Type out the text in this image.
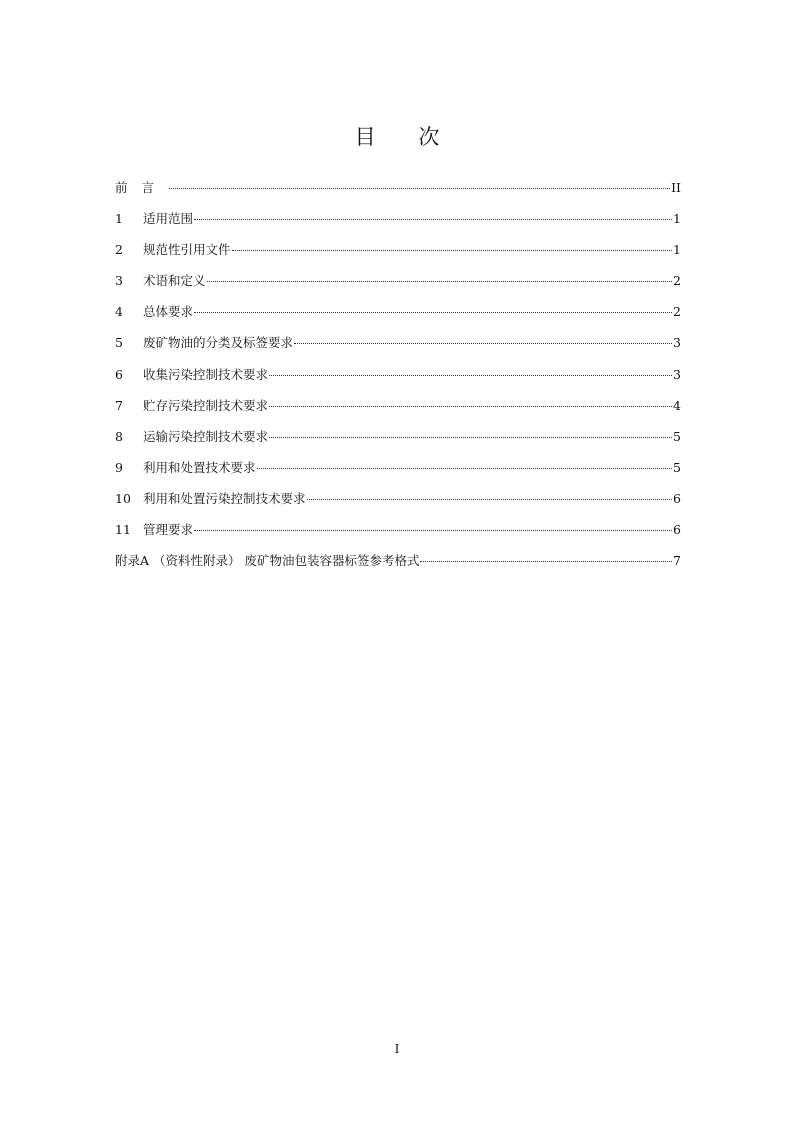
目 次
前言	II
1	适用范围	1
2	规范性引用文件	1
3	术语和定义	2
4	总体要求	2
5	废矿物油的分类及标签要求	3
6	收集污染控制技术要求	3
7	贮存污染控制技术要求	4
8	运输污染控制技术要求	5
9	利用和处置技术要求	5
10 利用和处置污染控制技术要求	6
11 管理要求	6
附录A （资料性附录） 废矿物油包装容器标签参考格式	7
I
